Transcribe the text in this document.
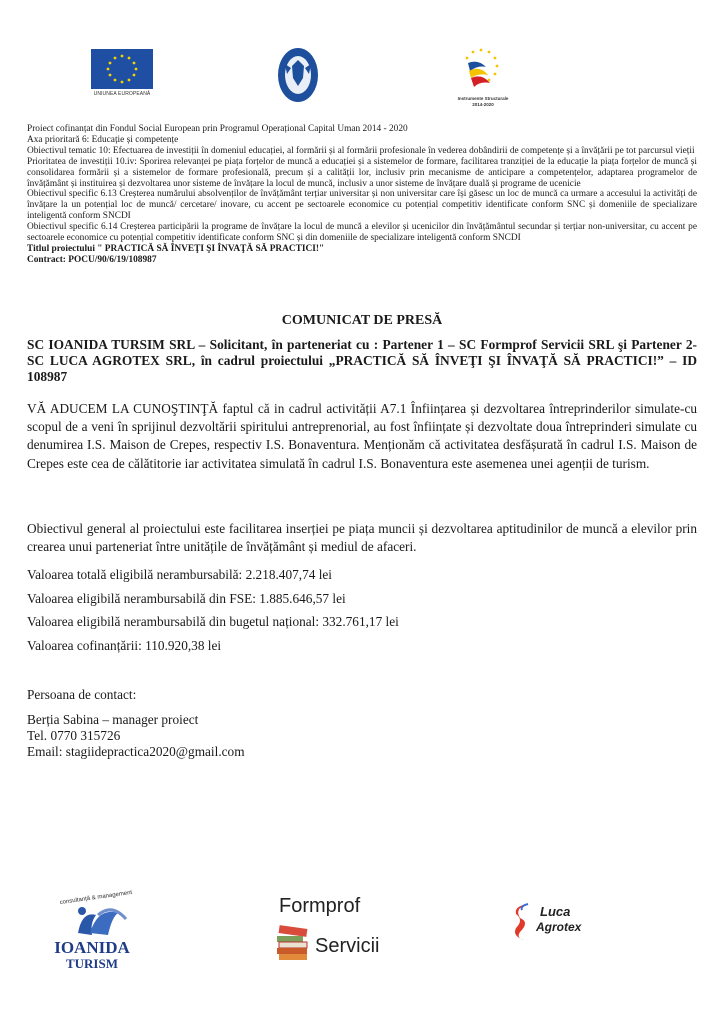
UNIUNEA EUROPEANĂ
Instrumente Structurale
2014-2020

Proiect cofinanțat din Fondul Social European prin Programul Operațional Capital Uman 2014 - 2020

Axa prioritară 6: Educație și competențe

Obiectivul tematic 10: Efectuarea de investiții în domeniul educației, al formării și al formării profesionale în vederea dobândirii de competențe și a învățării pe tot parcursul vieții

Prioritatea de investiții 10.iv: Sporirea relevanței pe piața forțelor de muncă a educației și a sistemelor de formare, facilitarea tranziției de la educație la piața forțelor de muncă și consolidarea formării și a sistemelor de formare profesională, precum și a calității lor, inclusiv prin mecanisme de anticipare a competențelor, adaptarea programelor de învățământ și instituirea și dezvoltarea unor sisteme de învățare la locul de muncă, inclusiv a unor sisteme de învățare duală și programe de ucenicie

Obiectivul specific 6.13 Creșterea numărului absolvenților de învățământ terțiar universitar și non universitar care își găsesc un loc de muncă ca urmare a accesului la activități de învățare la un potențial loc de muncă/ cercetare/ inovare, cu accent pe sectoarele economice cu potențial competitiv identificate conform SNC și domeniile de specializare inteligentă conform SNCDI

Obiectivul specific 6.14 Creșterea participării la programe de învățare la locul de muncă a elevilor și ucenicilor din învățământul secundar și terțiar non-universitar, cu accent pe sectoarele economice cu potențial competitiv identificate conform SNC și din domeniile de specializare inteligentă conform SNCDI

Titlul proiectului " PRACTICĂ SĂ ÎNVEŢI ŞI ÎNVAŢĂ SĂ PRACTICI!"

Contract: POCU/90/6/19/108987

COMUNICAT DE PRESĂ
SC IOANIDA TURSIM SRL – Solicitant, în parteneriat cu : Partener 1 – SC Formprof Servicii SRL şi Partener 2- SC LUCA AGROTEX SRL, în cadrul proiectului „PRACTICĂ SĂ ÎNVEŢI ŞI ÎNVAŢĂ SĂ PRACTICI!” – ID 108987
VĂ ADUCEM LA CUNOŞTINŢĂ faptul că in cadrul activității A7.1 Înființarea și dezvoltarea întreprinderilor simulate-cu scopul de a veni în sprijinul dezvoltării spiritului antreprenorial, au fost înființate și dezvoltate doua întreprinderi simulate cu denumirea I.S. Maison de Crepes, respectiv I.S. Bonaventura. Menționăm că activitatea desfășurată în cadrul I.S. Maison de Crepes este cea de călătitorie iar activitatea simulată în cadrul I.S. Bonaventura este asemenea unei agenții de turism.
Obiectivul general al proiectului este facilitarea inserției pe piața muncii și dezvoltarea aptitudinilor de muncă a elevilor prin crearea unui parteneriat între unitățile de învățământ și mediul de afaceri.
Valoarea totală eligibilă nerambursabilă: 2.218.407,74 lei
Valoarea eligibilă nerambursabilă din FSE: 1.885.646,57 lei
Valoarea eligibilă nerambursabilă din bugetul național: 332.761,17 lei
Valoarea cofinanțării: 110.920,38 lei
Persoana de contact:
Berția Sabina – manager proiect
Tel. 0770 315726
Email: stagiidepractica2020@gmail.com
consultanță & management
IOANIDA
TURISM
Formprof
Servicii
Luca
Agrotex
